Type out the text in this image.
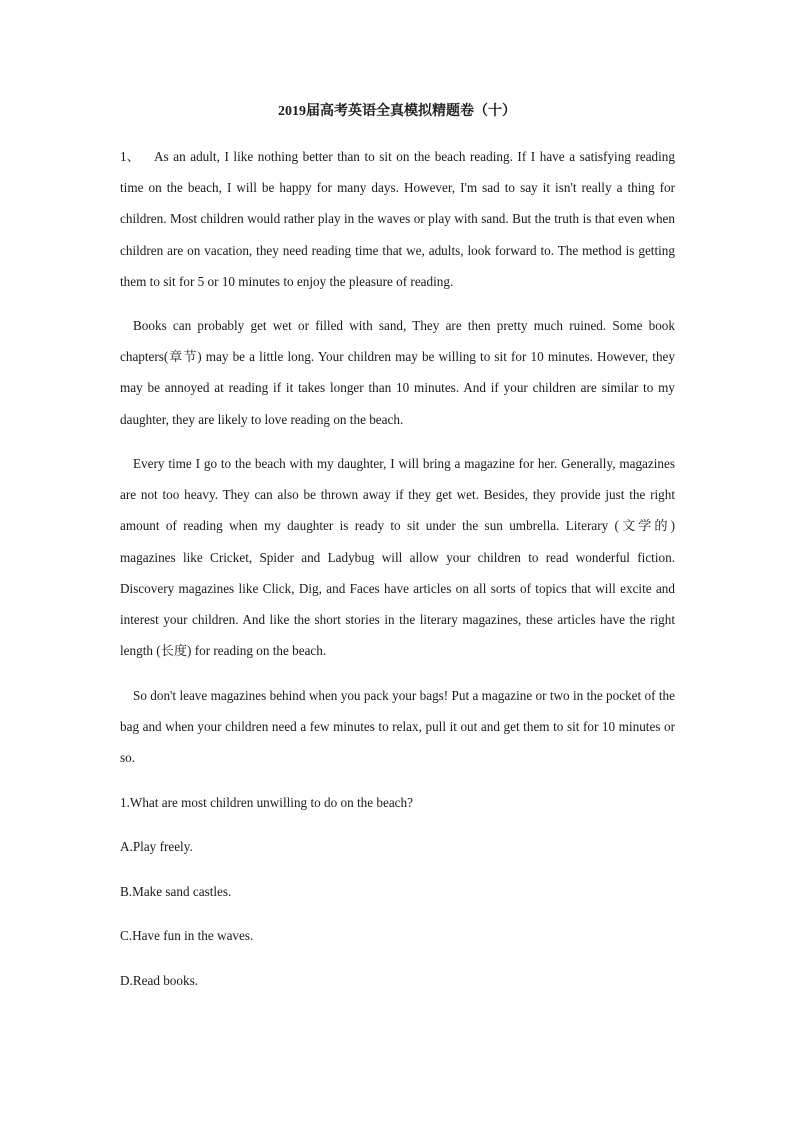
2019届高考英语全真模拟精题卷（十）

1、 As an adult, I like nothing better than to sit on the beach reading. If I have a satisfying reading time on the beach, I will be happy for many days. However, I'm sad to say it isn't really a thing for children. Most children would rather play in the waves or play with sand. But the truth is that even when children are on vacation, they need reading time that we, adults, look forward to. The method is getting them to sit for 5 or 10 minutes to enjoy the pleasure of reading.

Books can probably get wet or filled with sand, They are then pretty much ruined. Some book chapters(章节) may be a little long. Your children may be willing to sit for 10 minutes. However, they may be annoyed at reading if it takes longer than 10 minutes. And if your children are similar to my daughter, they are likely to love reading on the beach.

Every time I go to the beach with my daughter, I will bring a magazine for her. Generally, magazines are not too heavy. They can also be thrown away if they get wet. Besides, they provide just the right amount of reading when my daughter is ready to sit under the sun umbrella. Literary (文学的) magazines like Cricket, Spider and Ladybug will allow your children to read wonderful fiction. Discovery magazines like Click, Dig, and Faces have articles on all sorts of topics that will excite and interest your children. And like the short stories in the literary magazines, these articles have the right length (长度) for reading on the beach.

So don't leave magazines behind when you pack your bags! Put a magazine or two in the pocket of the bag and when your children need a few minutes to relax, pull it out and get them to sit for 10 minutes or so.

1.What are most children unwilling to do on the beach?

A.Play freely.

B.Make sand castles.

C.Have fun in the waves.

D.Read books.
